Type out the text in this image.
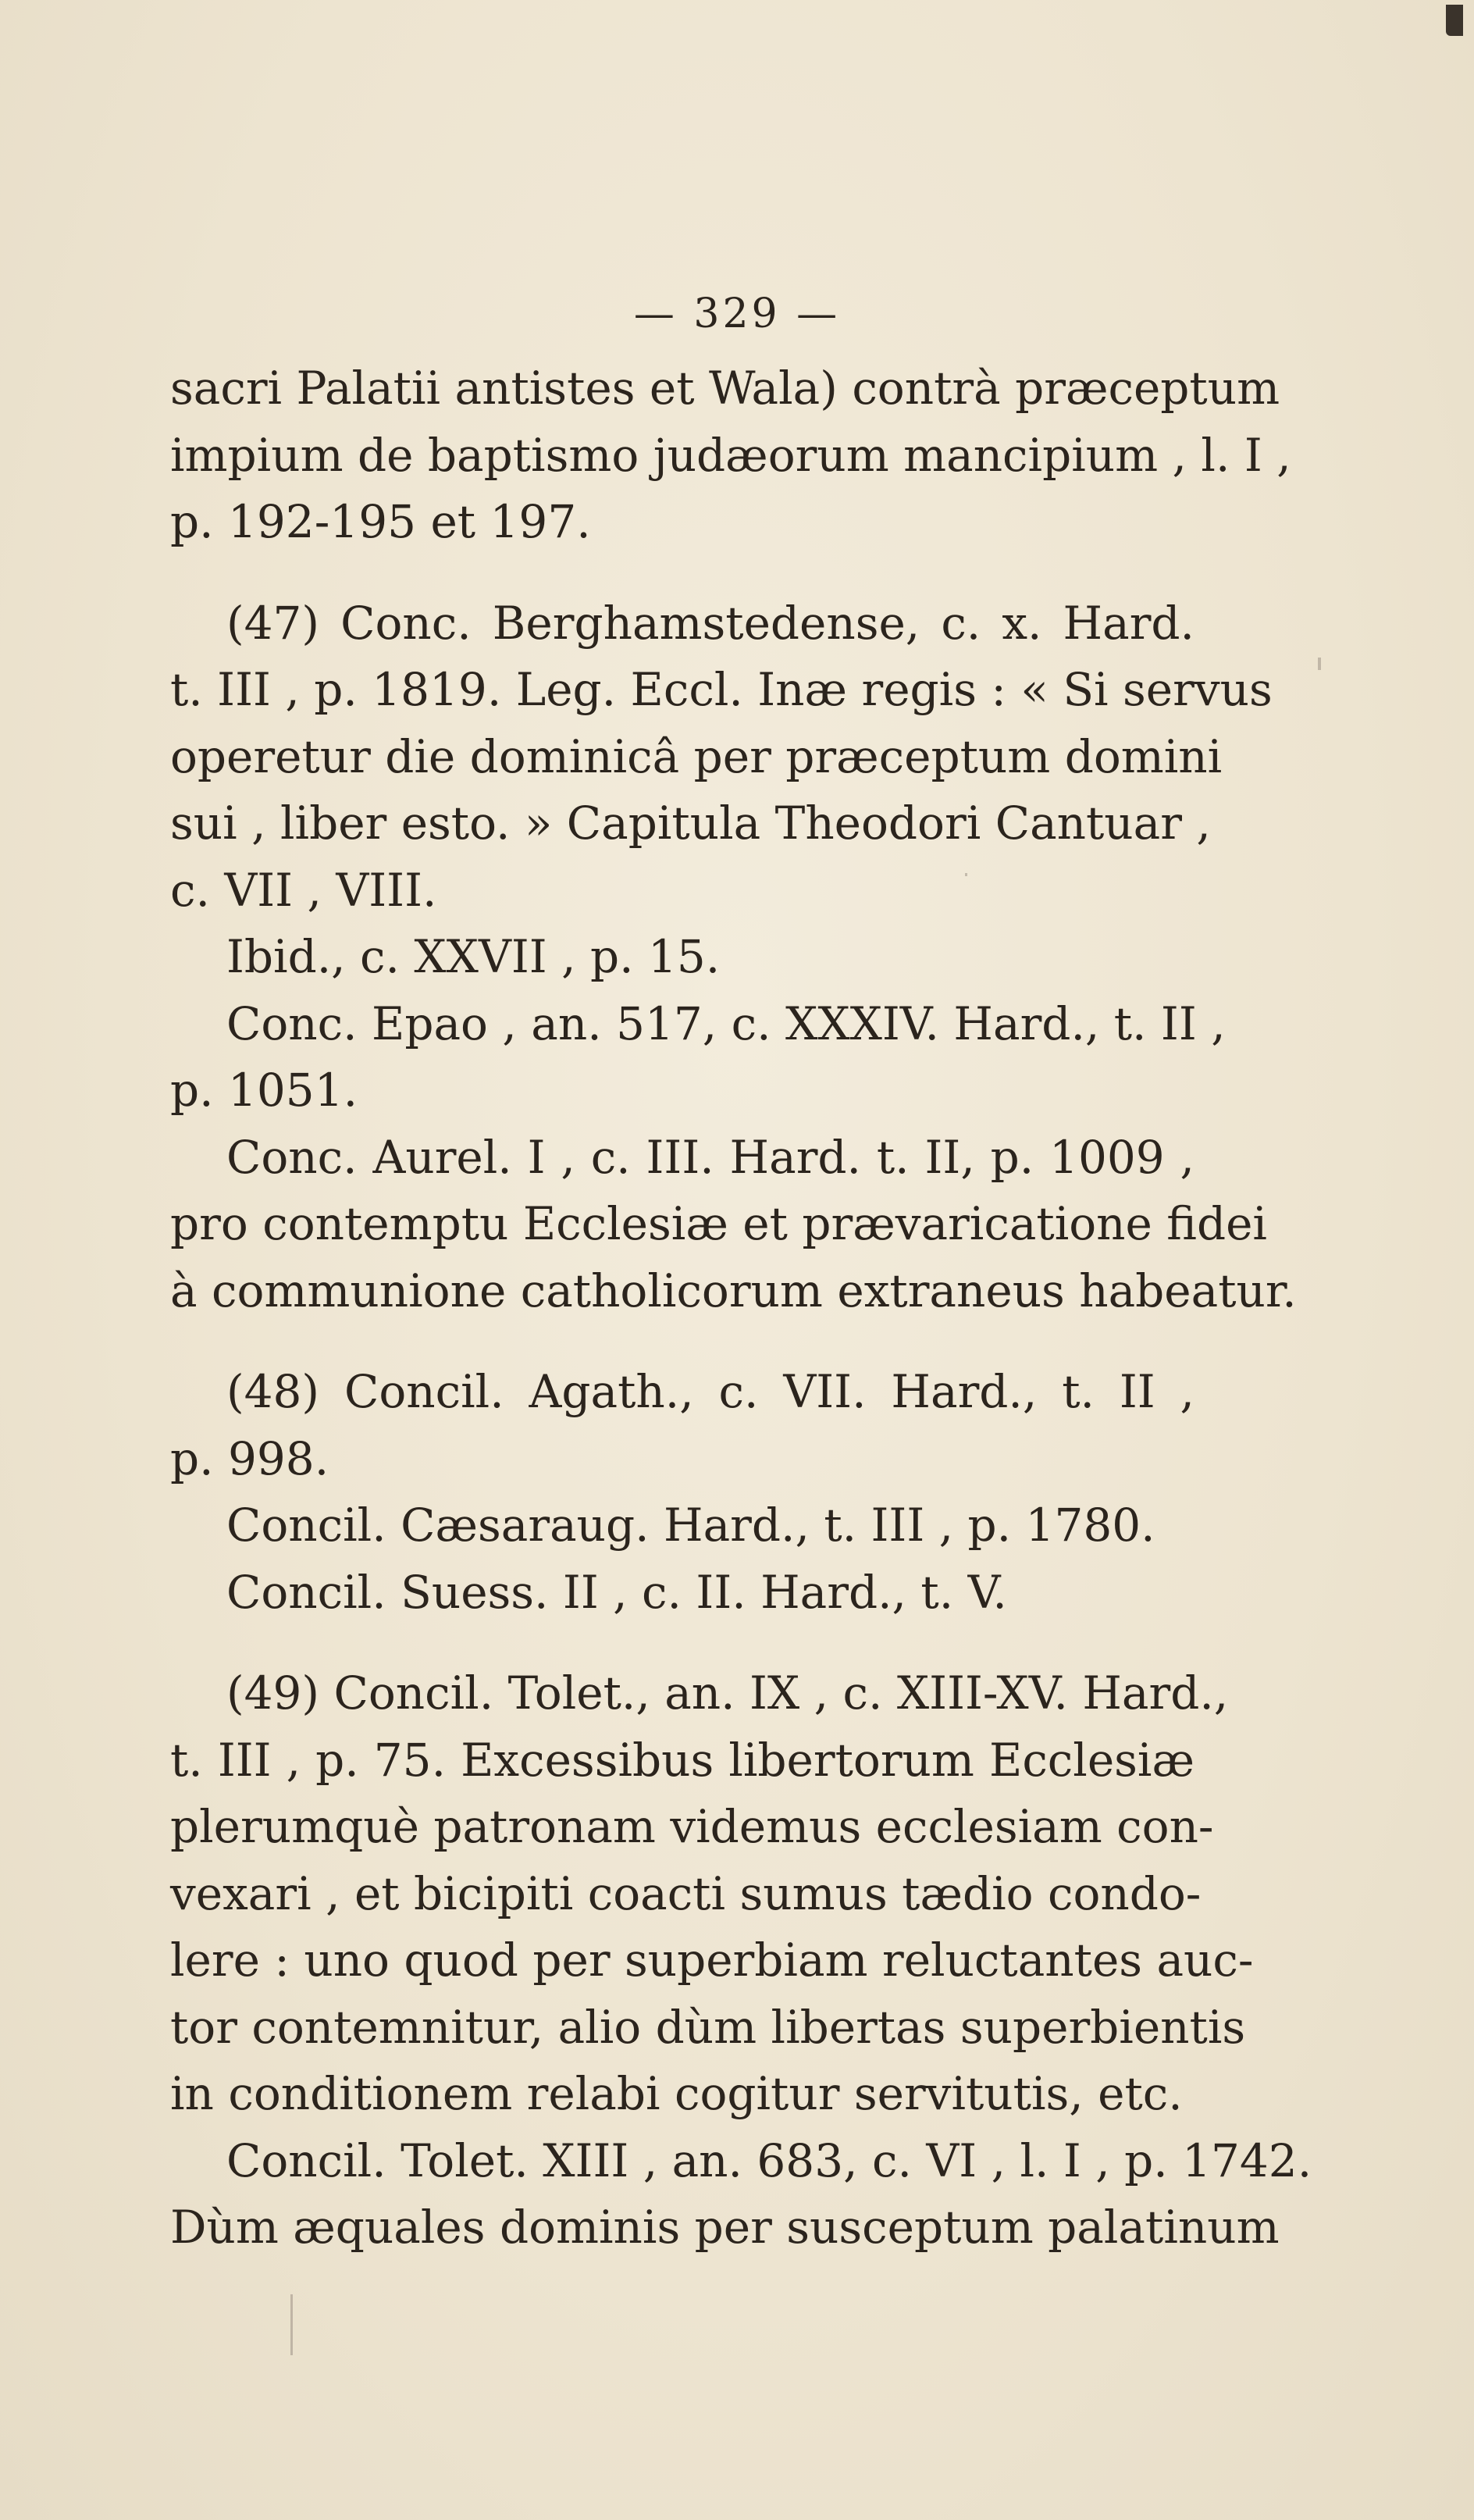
— 329 —
sacri Palatii antistes et Wala) contrà præceptum
impium de baptismo judæorum mancipium , l. I ,
p. 192-195 et 197.
(47) Conc. Berghamstedense, c. x. Hard.
t. III , p. 1819. Leg. Eccl. Inæ regis : « Si servus
operetur die dominicâ per præceptum domini
sui , liber esto. » Capitula Theodori Cantuar ,
c. VII , VIII.
Ibid., c. XXVII , p. 15.
Conc. Epao , an. 517, c. XXXIV. Hard., t. II ,
p. 1051.
Conc. Aurel. I , c. III. Hard. t. II, p. 1009 ,
pro contemptu Ecclesiæ et prævaricatione fidei
à communione catholicorum extraneus habeatur.
(48) Concil. Agath., c. VII. Hard., t. II ,
p. 998.
Concil. Cæsaraug. Hard., t. III , p. 1780.
Concil. Suess. II , c. II. Hard., t. V.
(49) Concil. Tolet., an. IX , c. XIII-XV. Hard.,
t. III , p. 75. Excessibus libertorum Ecclesiæ
plerumquè patronam videmus ecclesiam con-
vexari , et bicipiti coacti sumus tædio condo-
lere : uno quod per superbiam reluctantes auc-
tor contemnitur, alio dùm libertas superbientis
in conditionem relabi cogitur servitutis, etc.
Concil. Tolet. XIII , an. 683, c. VI , l. I , p. 1742.
Dùm æquales dominis per susceptum palatinum
